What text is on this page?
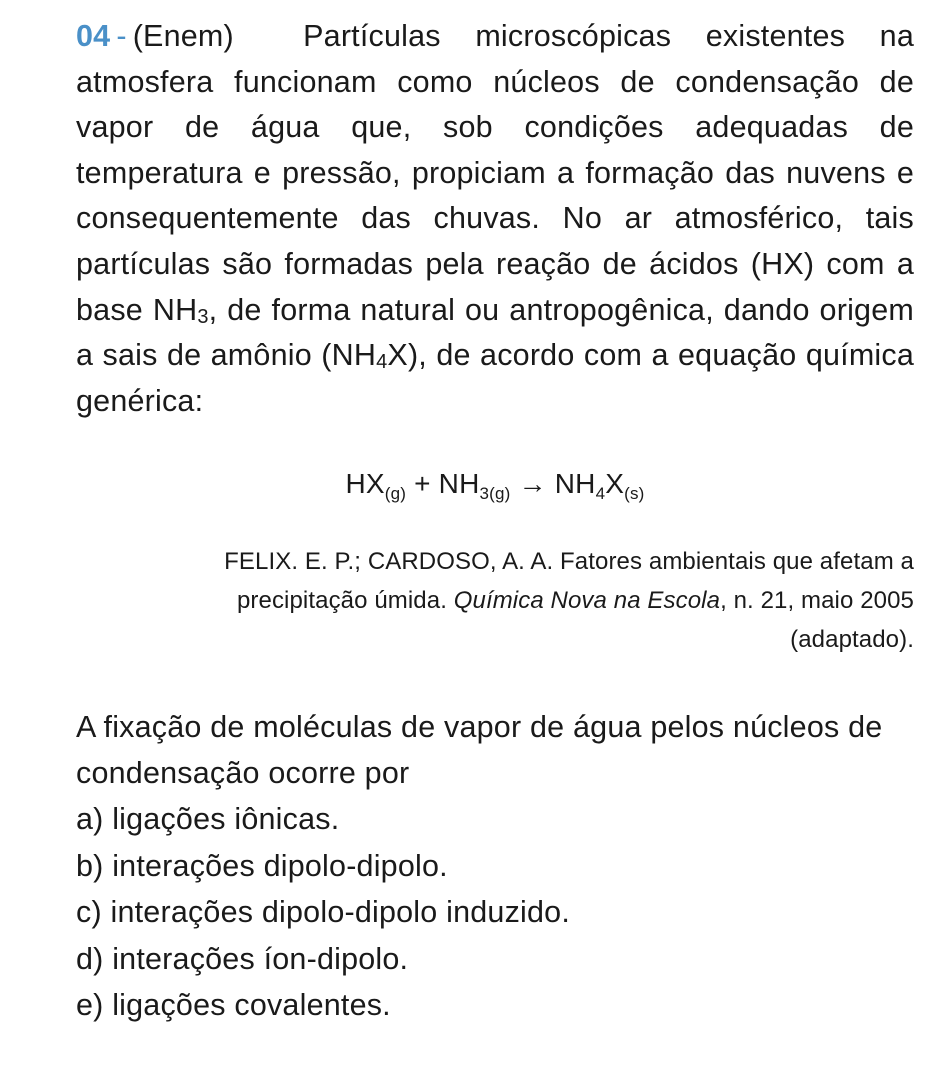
04 - (Enem) Partículas microscópicas existentes na atmosfera funcionam como núcleos de condensação de vapor de água que, sob condições adequadas de temperatura e pressão, propiciam a formação das nuvens e consequentemente das chuvas. No ar atmosférico, tais partículas são formadas pela reação de ácidos (HX) com a base $NH_3$, de forma natural ou antropogênica, dando origem a sais de amônio $(NH_4X)$, de acordo com a equação química genérica:

$HX_{(g)} + NH_{3(g)} \to NH_4X_{(s)}$
FELIX. E. P.; CARDOSO, A. A. Fatores ambientais que afetam a
precipitação úmida. Química Nova na Escola, n. 21, maio 2005
(adaptado).

A fixação de moléculas de vapor de água pelos núcleos de condensação ocorre por

a) ligações iônicas.
b) interações dipolo-dipolo.
c) interações dipolo-dipolo induzido.
d) interações íon-dipolo.
e) ligações covalentes.
